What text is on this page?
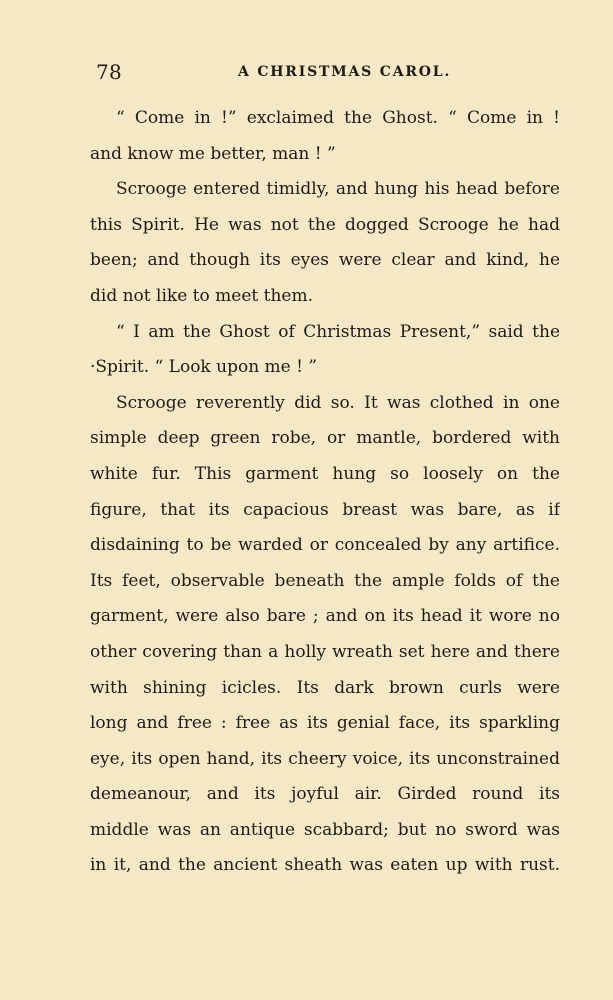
78	A CHRISTMAS CAROL.
“ Come in !” exclaimed the Ghost. “ Come in !
and know me better, man ! ”
Scrooge entered timidly, and hung his head before
this Spirit. He was not the dogged Scrooge he had
been; and though its eyes were clear and kind, he
did not like to meet them.
“ I am the Ghost of Christmas Present,” said the
·Spirit. “ Look upon me ! ”
Scrooge reverently did so. It was clothed in one
simple deep green robe, or mantle, bordered with
white fur. This garment hung so loosely on the
figure, that its capacious breast was bare, as if
disdaining to be warded or concealed by any artifice.
Its feet, observable beneath the ample folds of the
garment, were also bare ; and on its head it wore no
other covering than a holly wreath set here and there
with shining icicles. Its dark brown curls were
long and free : free as its genial face, its sparkling
eye, its open hand, its cheery voice, its unconstrained
demeanour, and its joyful air. Girded round its
middle was an antique scabbard; but no sword was
in it, and the ancient sheath was eaten up with rust.
